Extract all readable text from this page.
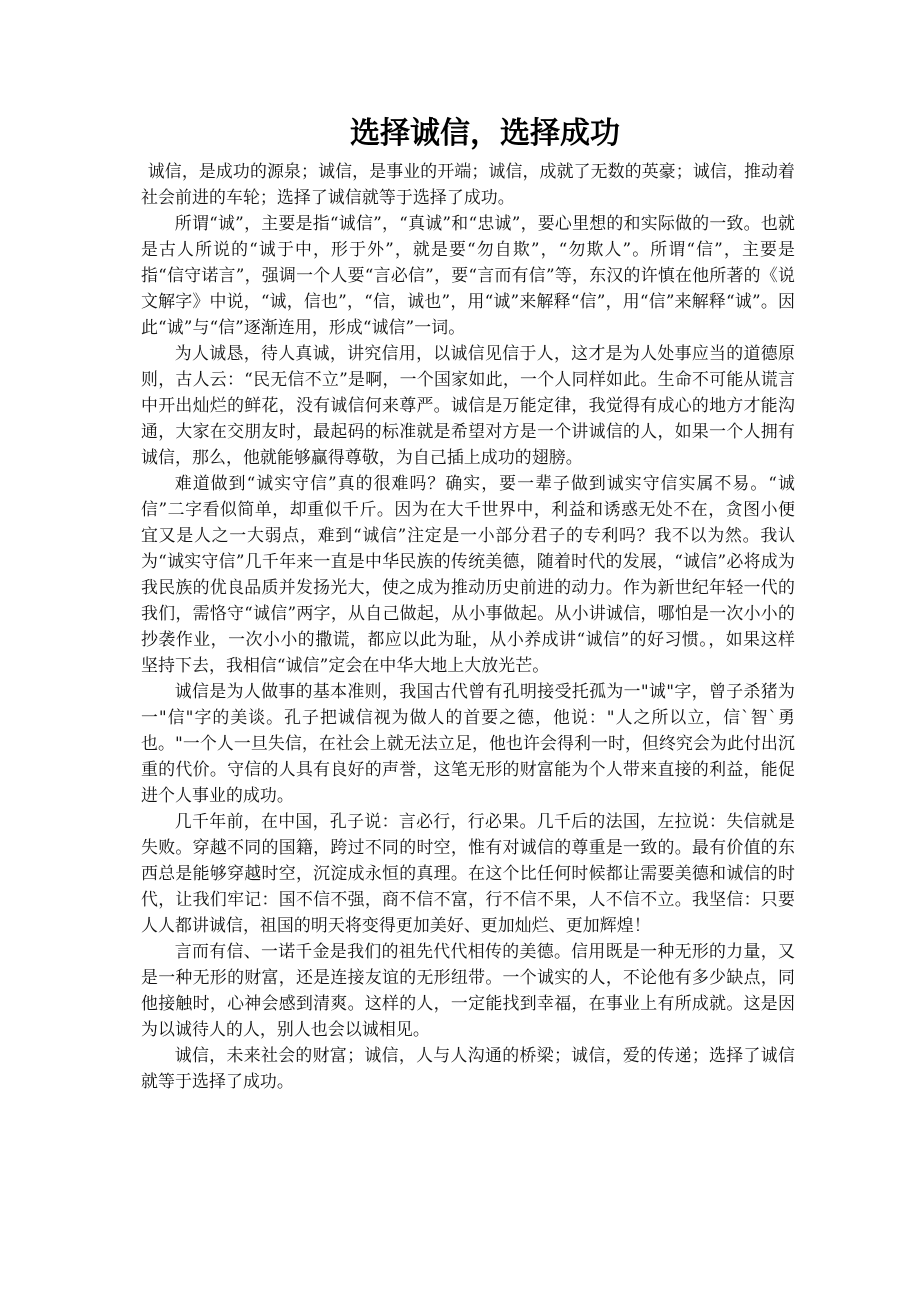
选择诚信，选择成功

诚信，是成功的源泉；诚信，是事业的开端；诚信，成就了无数的英豪；诚信，推动着社会前进的车轮；选择了诚信就等于选择了成功。

所谓“诚”，主要是指“诚信”，“真诚”和“忠诚”，要心里想的和实际做的一致。也就是古人所说的“诚于中，形于外”，就是要“勿自欺”，“勿欺人”。所谓“信”，主要是指“信守诺言”，强调一个人要“言必信”，要“言而有信”等，东汉的许慎在他所著的《说文解字》中说，“诚，信也”，“信，诚也”，用“诚”来解释“信”，用“信”来解释“诚”。因此“诚”与“信”逐渐连用，形成“诚信”一词。

为人诚恳，待人真诚，讲究信用，以诚信见信于人，这才是为人处事应当的道德原则，古人云：“民无信不立”是啊，一个国家如此，一个人同样如此。生命不可能从谎言中开出灿烂的鲜花，没有诚信何来尊严。诚信是万能定律，我觉得有成心的地方才能沟通，大家在交朋友时，最起码的标准就是希望对方是一个讲诚信的人，如果一个人拥有诚信，那么，他就能够赢得尊敬，为自己插上成功的翅膀。

难道做到“诚实守信”真的很难吗？确实，要一辈子做到诚实守信实属不易。“诚信”二字看似简单，却重似千斤。因为在大千世界中，利益和诱惑无处不在，贪图小便宜又是人之一大弱点，难到“诚信”注定是一小部分君子的专利吗？我不以为然。我认为“诚实守信”几千年来一直是中华民族的传统美德，随着时代的发展，“诚信”必将成为我民族的优良品质并发扬光大，使之成为推动历史前进的动力。作为新世纪年轻一代的我们，需恪守“诚信”两字，从自己做起，从小事做起。从小讲诚信，哪怕是一次小小的抄袭作业，一次小小的撒谎，都应以此为耻，从小养成讲“诚信”的好习惯。，如果这样坚持下去，我相信“诚信”定会在中华大地上大放光芒。

诚信是为人做事的基本准则，我国古代曾有孔明接受托孤为一"诚"字，曾子杀猪为一"信"字的美谈。孔子把诚信视为做人的首要之德，他说："人之所以立，信`智`勇也。"一个人一旦失信，在社会上就无法立足，他也许会得利一时，但终究会为此付出沉重的代价。守信的人具有良好的声誉，这笔无形的财富能为个人带来直接的利益，能促进个人事业的成功。

几千年前，在中国，孔子说：言必行，行必果。几千后的法国，左拉说：失信就是失败。穿越不同的国籍，跨过不同的时空，惟有对诚信的尊重是一致的。最有价值的东西总是能够穿越时空，沉淀成永恒的真理。在这个比任何时候都让需要美德和诚信的时代，让我们牢记：国不信不强，商不信不富，行不信不果，人不信不立。我坚信：只要人人都讲诚信，祖国的明天将变得更加美好、更加灿烂、更加辉煌！

言而有信、一诺千金是我们的祖先代代相传的美德。信用既是一种无形的力量，又是一种无形的财富，还是连接友谊的无形纽带。一个诚实的人，不论他有多少缺点，同他接触时，心神会感到清爽。这样的人，一定能找到幸福，在事业上有所成就。这是因为以诚待人的人，别人也会以诚相见。

诚信，未来社会的财富；诚信，人与人沟通的桥梁；诚信，爱的传递；选择了诚信就等于选择了成功。
